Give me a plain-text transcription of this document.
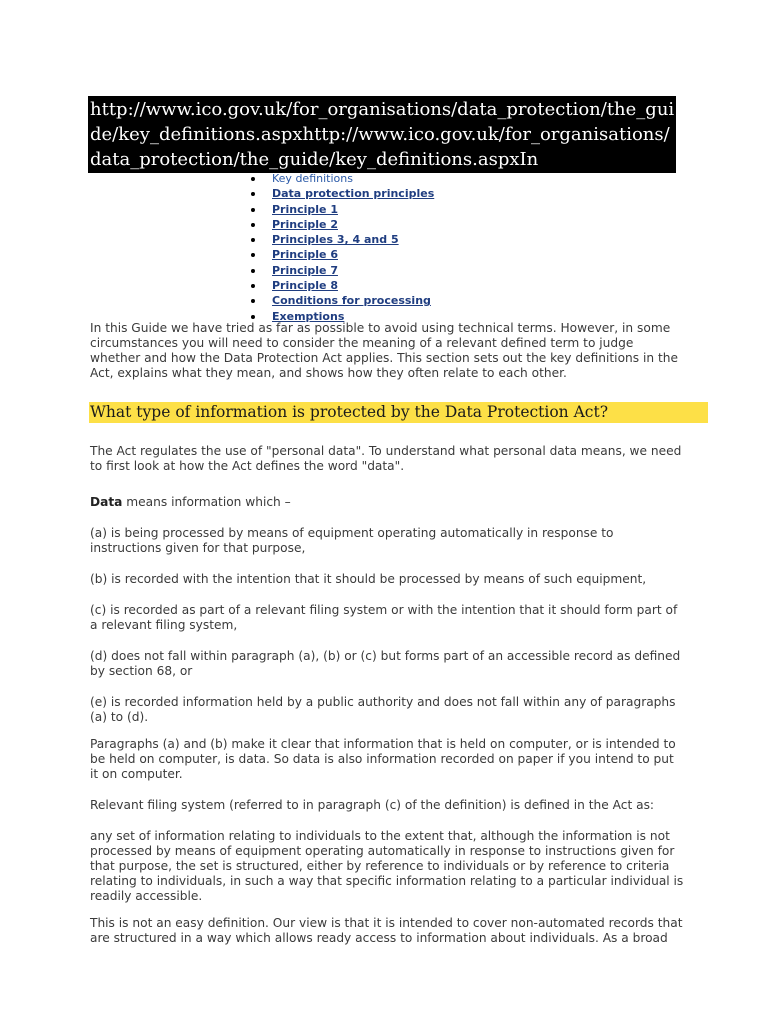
http://www.ico.gov.uk/for_organisations/data_protection/the_guide/key_definitions.aspxhttp://www.ico.gov.uk/for_organisations/data_protection/the_guide/key_definitions.aspxIn
Key definitions
Data protection principles
Principle 1
Principle 2
Principles 3, 4 and 5
Principle 6
Principle 7
Principle 8
Conditions for processing
Exemptions

In this Guide we have tried as far as possible to avoid using technical terms. However, in some circumstances you will need to consider the meaning of a relevant defined term to judge whether and how the Data Protection Act applies. This section sets out the key definitions in the Act, explains what they mean, and shows how they often relate to each other.

What type of information is protected by the Data Protection Act?

The Act regulates the use of "personal data". To understand what personal data means, we need to first look at how the Act defines the word "data".

Data means information which –

(a) is being processed by means of equipment operating automatically in response to instructions given for that purpose,

(b) is recorded with the intention that it should be processed by means of such equipment,

(c) is recorded as part of a relevant filing system or with the intention that it should form part of a relevant filing system,

(d) does not fall within paragraph (a), (b) or (c) but forms part of an accessible record as defined by section 68, or

(e) is recorded information held by a public authority and does not fall within any of paragraphs (a) to (d).

Paragraphs (a) and (b) make it clear that information that is held on computer, or is intended to be held on computer, is data. So data is also information recorded on paper if you intend to put it on computer.

Relevant filing system (referred to in paragraph (c) of the definition) is defined in the Act as:

any set of information relating to individuals to the extent that, although the information is not processed by means of equipment operating automatically in response to instructions given for that purpose, the set is structured, either by reference to individuals or by reference to criteria relating to individuals, in such a way that specific information relating to a particular individual is readily accessible.

This is not an easy definition. Our view is that it is intended to cover non-automated records that are structured in a way which allows ready access to information about individuals. As a broad
